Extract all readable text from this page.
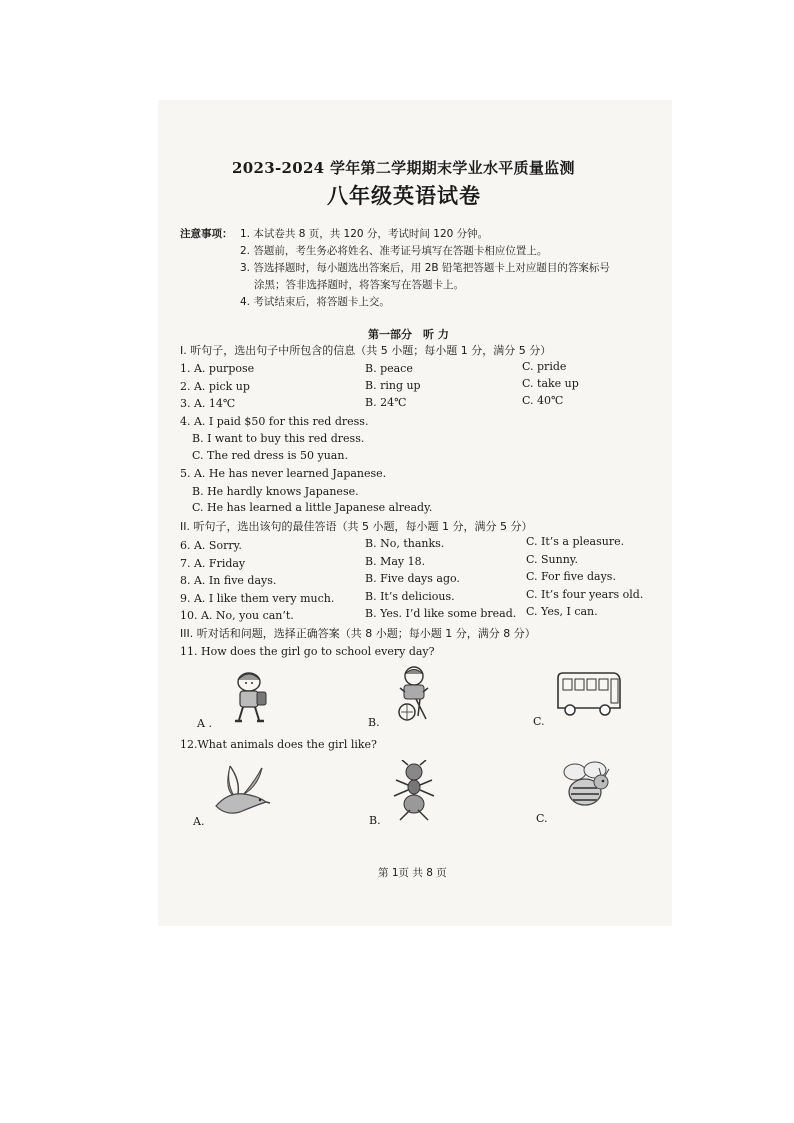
2023-2024 学年第二学期期末学业水平质量监测
八年级英语试卷
注意事项： 1. 本试卷共 8 页，共 120 分，考试时间 120 分钟。
2. 答题前，考生务必将姓名、准考证号填写在答题卡相应位置上。
3. 答选择题时，每小题选出答案后，用 2B 铅笔把答题卡上对应题目的答案标号
涂黑；答非选择题时，将答案写在答题卡上。
4. 考试结束后，将答题卡上交。
第一部分　听 力
I. 听句子，选出句子中所包含的信息（共 5 小题；每小题 1 分，满分 5 分）
1. A. purpose	B. peace	C. pride
2. A. pick up	B. ring up	C. take up
3. A. 14℃	B. 24℃	C. 40℃
4. A. I paid $50 for this red dress.
B. I want to buy this red dress.
C. The red dress is 50 yuan.
5. A. He has never learned Japanese.
B. He hardly knows Japanese.
C. He has learned a little Japanese already.
II. 听句子，选出该句的最佳答语（共 5 小题，每小题 1 分，满分 5 分）
6. A. Sorry.	B. No, thanks.	C. It’s a pleasure.
7. A. Friday	B. May 18.	C. Sunny.
8. A. In five days.	B. Five days ago.	C. For five days.
9. A. I like them very much.	B. It’s delicious.	C. It’s four years old.
10. A. No, you can’t.	B. Yes. I’d like some bread. C. Yes, I can.
III. 听对话和问题，选择正确答案（共 8 小题；每小题 1 分，满分 8 分）
11. How does the girl go to school every day?
A .	B.	C.
12.What animals does the girl like?
A.	B.	C.
第 1页 共 8 页
